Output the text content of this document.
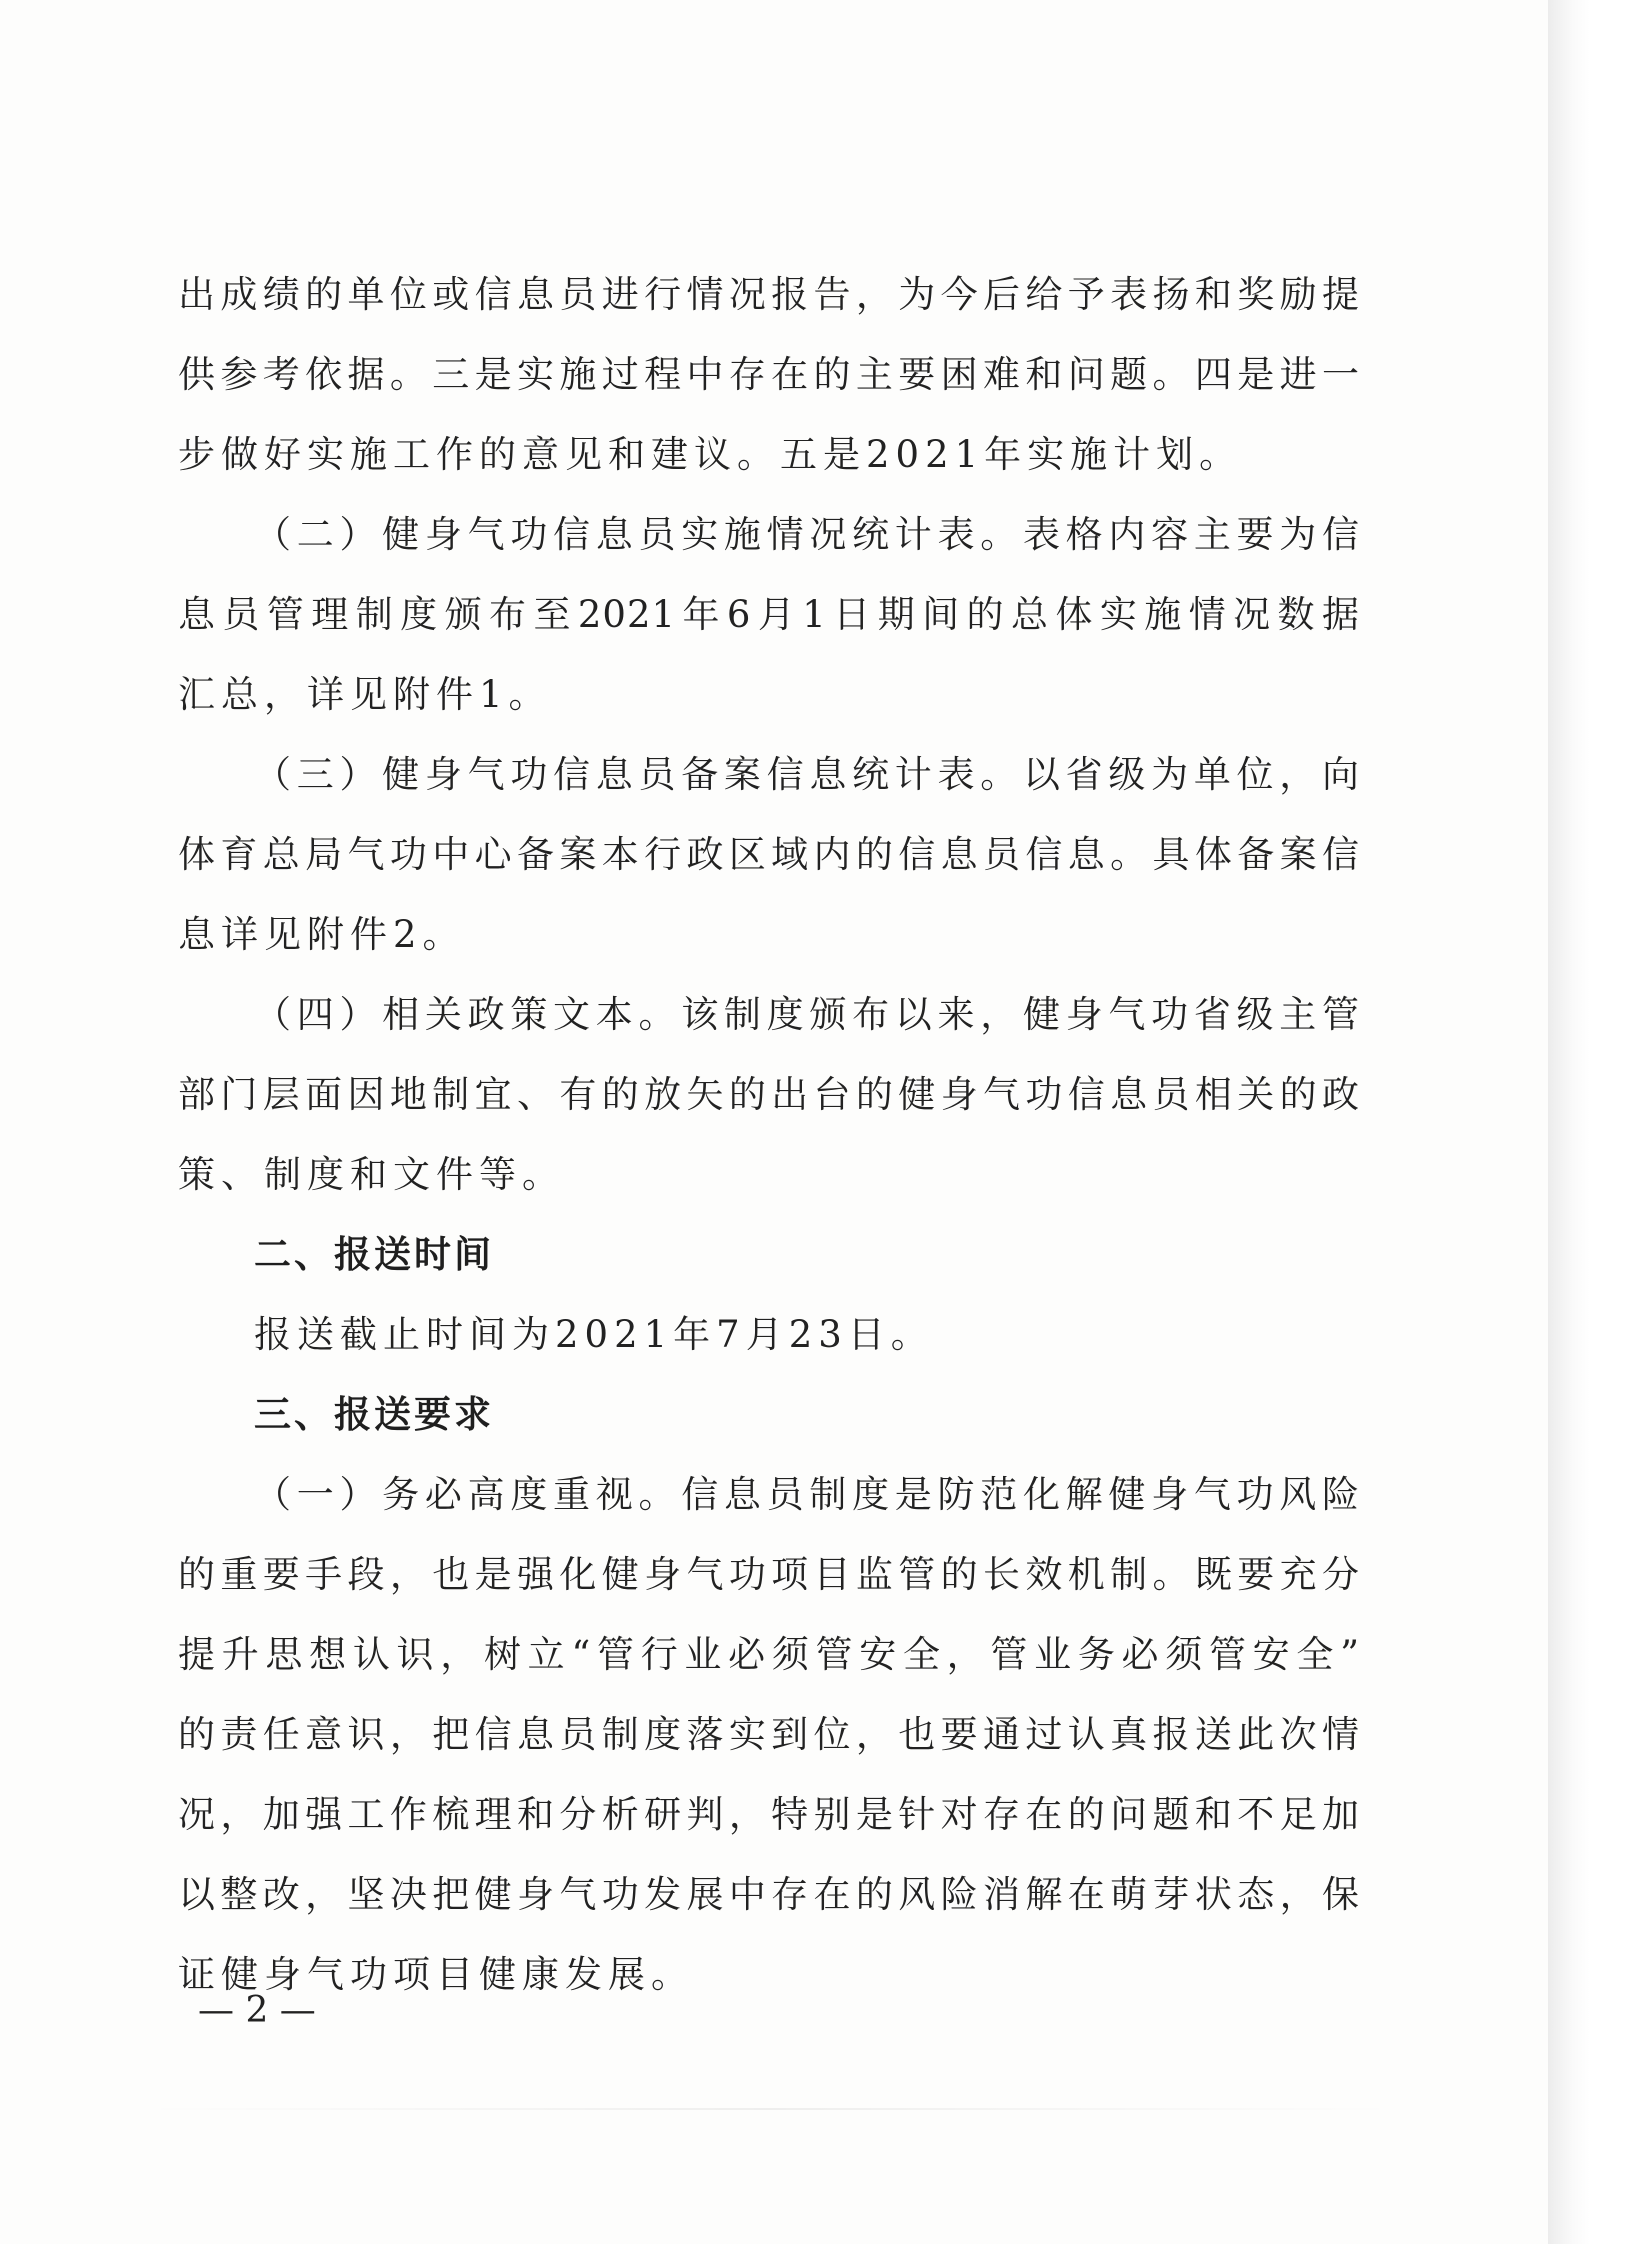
出成绩的单位或信息员进行情况报告，为今后给予表扬和奖励提
供参考依据。三是实施过程中存在的主要困难和问题。四是进一
步做好实施工作的意见和建议。五是2021年实施计划。
（二）健身气功信息员实施情况统计表。表格内容主要为信
息员管理制度颁布至2021年6月1日期间的总体实施情况数据
汇总，详见附件1。
（三）健身气功信息员备案信息统计表。以省级为单位，向
体育总局气功中心备案本行政区域内的信息员信息。具体备案信
息详见附件2。
（四）相关政策文本。该制度颁布以来，健身气功省级主管
部门层面因地制宜、有的放矢的出台的健身气功信息员相关的政
策、制度和文件等。
二、报送时间
报送截止时间为2021年7月23日。
三、报送要求
（一）务必高度重视。信息员制度是防范化解健身气功风险
的重要手段，也是强化健身气功项目监管的长效机制。既要充分
提升思想认识，树立“管行业必须管安全，管业务必须管安全”
的责任意识，把信息员制度落实到位，也要通过认真报送此次情
况，加强工作梳理和分析研判，特别是针对存在的问题和不足加
以整改，坚决把健身气功发展中存在的风险消解在萌芽状态，保
证健身气功项目健康发展。
— 2 —
